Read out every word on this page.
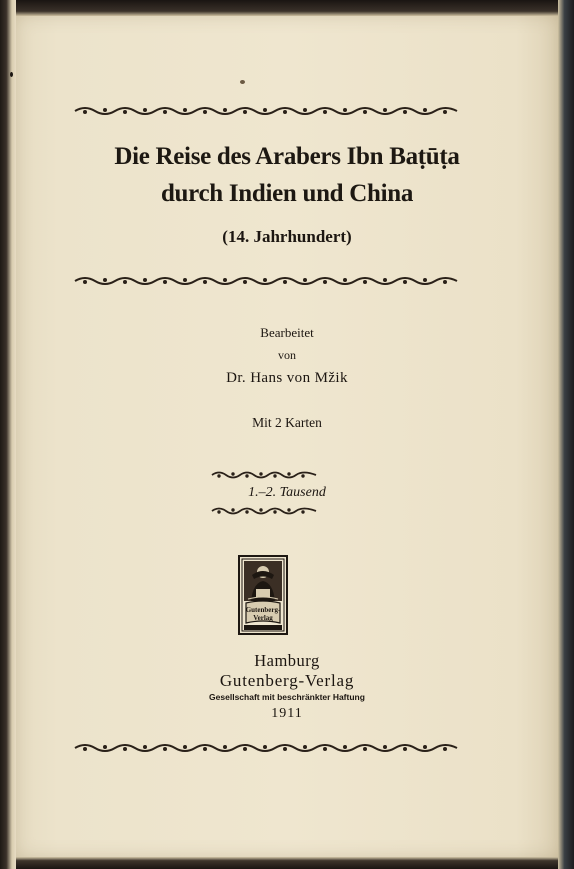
Die Reise des Arabers Ibn Baṭūṭa
durch Indien und China
(14. Jahrhundert)
Bearbeitet
von
Dr. Hans von Mžik
Mit 2 Karten
1.–2. Tausend
Gutenberg-
Verlag
Hamburg
Gutenberg-Verlag
Gesellschaft mit beschränkter Haftung
1911
